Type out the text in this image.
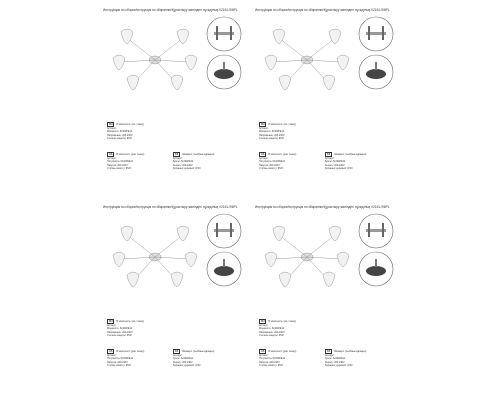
Инструкция по сборке/Інструкція по збиранню/Құрастыру жөніндегі нұсқаулық V2161-9/6PL
RU В комплекте: (см. схему)
Артикул:
Мощность: 6x40W/E14
Напряжение: 220-240V
Степень защиты: IP20
UA В комплекті: (див. схему)
Артикул:
Потужність: 6x40W/E14
Напруга: 220-240V
Ступінь захисту: IP20
KZ Жинақта: (сызбаны қараңыз)
Артикул:
Қуаты: 6x40W/E14
Кернеу: 220-240V
Қорғаныс дәрежесі: IP20
Инструкция по сборке/Інструкція по збиранню/Құрастыру жөніндегі нұсқаулық V2161-9/6PL
RU В комплекте: (см. схему)
Артикул:
Мощность: 6x40W/E14
Напряжение: 220-240V
Степень защиты: IP20
UA В комплекті: (див. схему)
Артикул:
Потужність: 6x40W/E14
Напруга: 220-240V
Ступінь захисту: IP20
KZ Жинақта: (сызбаны қараңыз)
Артикул:
Қуаты: 6x40W/E14
Кернеу: 220-240V
Қорғаныс дәрежесі: IP20
Инструкция по сборке/Інструкція по збиранню/Құрастыру жөніндегі нұсқаулық V2161-9/6PL
RU В комплекте: (см. схему)
Артикул:
Мощность: 6x40W/E14
Напряжение: 220-240V
Степень защиты: IP20
UA В комплекті: (див. схему)
Артикул:
Потужність: 6x40W/E14
Напруга: 220-240V
Ступінь захисту: IP20
KZ Жинақта: (сызбаны қараңыз)
Артикул:
Қуаты: 6x40W/E14
Кернеу: 220-240V
Қорғаныс дәрежесі: IP20
Инструкция по сборке/Інструкція по збиранню/Құрастыру жөніндегі нұсқаулық V2161-9/6PL
RU В комплекте: (см. схему)
Артикул:
Мощность: 6x40W/E14
Напряжение: 220-240V
Степень защиты: IP20
UA В комплекті: (див. схему)
Артикул:
Потужність: 6x40W/E14
Напруга: 220-240V
Ступінь захисту: IP20
KZ Жинақта: (сызбаны қараңыз)
Артикул:
Қуаты: 6x40W/E14
Кернеу: 220-240V
Қорғаныс дәрежесі: IP20
